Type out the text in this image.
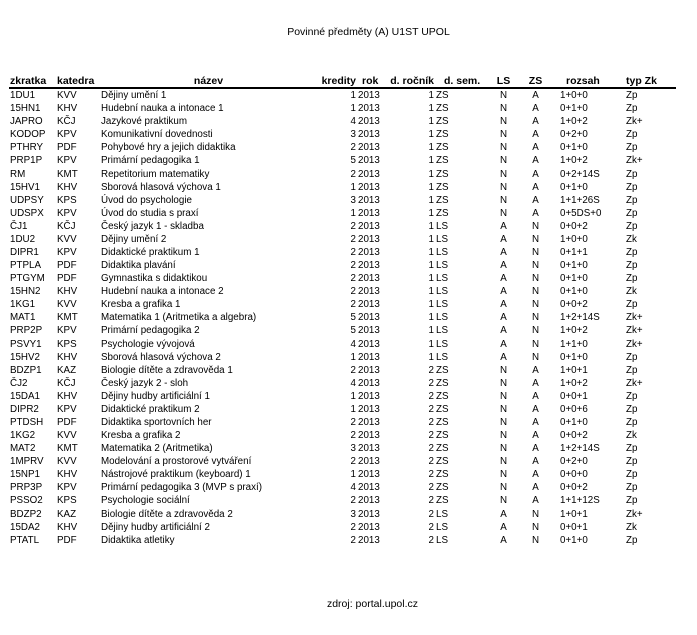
Povinné předměty (A) U1ST UPOL
zkratka	katedra	název	kredity	rok	d. ročník	d. sem.	LS	ZS	rozsah	typ Zk
1DU1	KVV	Dějiny umění 1	1	2013	1	ZS	N	A	1+0+0	Zp
15HN1	KHV	Hudební nauka a intonace 1	1	2013	1	ZS	N	A	0+1+0	Zp
JAPRO	KČJ	Jazykové praktikum	4	2013	1	ZS	N	A	1+0+2	Zk+
KODOP	KPV	Komunikativní dovednosti	3	2013	1	ZS	N	A	0+2+0	Zp
PTHRY	PDF	Pohybové hry a jejich didaktika	2	2013	1	ZS	N	A	0+1+0	Zp
PRP1P	KPV	Primární pedagogika 1	5	2013	1	ZS	N	A	1+0+2	Zk+
RM	KMT	Repetitorium matematiky	2	2013	1	ZS	N	A	0+2+14S	Zp
15HV1	KHV	Sborová hlasová výchova 1	1	2013	1	ZS	N	A	0+1+0	Zp
UDPSY	KPS	Úvod do psychologie	3	2013	1	ZS	N	A	1+1+26S	Zp
UDSPX	KPV	Úvod do studia s praxí	1	2013	1	ZS	N	A	0+5DS+0	Zp
ČJ1	KČJ	Český jazyk 1 - skladba	2	2013	1	LS	A	N	0+0+2	Zp
1DU2	KVV	Dějiny umění 2	2	2013	1	LS	A	N	1+0+0	Zk
DIPR1	KPV	Didaktické praktikum 1	2	2013	1	LS	A	N	0+1+1	Zp
PTPLA	PDF	Didaktika plavání	2	2013	1	LS	A	N	0+1+0	Zp
PTGYM	PDF	Gymnastika s didaktikou	2	2013	1	LS	A	N	0+1+0	Zp
15HN2	KHV	Hudební nauka a intonace 2	2	2013	1	LS	A	N	0+1+0	Zk
1KG1	KVV	Kresba a grafika 1	2	2013	1	LS	A	N	0+0+2	Zp
MAT1	KMT	Matematika 1 (Aritmetika a algebra)	5	2013	1	LS	A	N	1+2+14S	Zk+
PRP2P	KPV	Primární pedagogika 2	5	2013	1	LS	A	N	1+0+2	Zk+
PSVY1	KPS	Psychologie vývojová	4	2013	1	LS	A	N	1+1+0	Zk+
15HV2	KHV	Sborová hlasová výchova 2	1	2013	1	LS	A	N	0+1+0	Zp
BDZP1	KAZ	Biologie dítěte a zdravověda 1	2	2013	2	ZS	N	A	1+0+1	Zp
ČJ2	KČJ	Český jazyk 2 - sloh	4	2013	2	ZS	N	A	1+0+2	Zk+
15DA1	KHV	Dějiny hudby artificiální 1	1	2013	2	ZS	N	A	0+0+1	Zp
DIPR2	KPV	Didaktické praktikum 2	1	2013	2	ZS	N	A	0+0+6	Zp
PTDSH	PDF	Didaktika sportovních her	2	2013	2	ZS	N	A	0+1+0	Zp
1KG2	KVV	Kresba a grafika 2	2	2013	2	ZS	N	A	0+0+2	Zk
MAT2	KMT	Matematika 2 (Aritmetika)	3	2013	2	ZS	N	A	1+2+14S	Zp
1MPRV	KVV	Modelování a prostorové vytváření	2	2013	2	ZS	N	A	0+2+0	Zp
15NP1	KHV	Nástrojové praktikum (keyboard) 1	1	2013	2	ZS	N	A	0+0+0	Zp
PRP3P	KPV	Primární pedagogika 3 (MVP s praxí)	4	2013	2	ZS	N	A	0+0+2	Zp
PSSO2	KPS	Psychologie sociální	2	2013	2	ZS	N	A	1+1+12S	Zp
BDZP2	KAZ	Biologie dítěte a zdravověda 2	3	2013	2	LS	A	N	1+0+1	Zk+
15DA2	KHV	Dějiny hudby artificiální 2	2	2013	2	LS	A	N	0+0+1	Zk
PTATL	PDF	Didaktika atletiky	2	2013	2	LS	A	N	0+1+0	Zp
zdroj: portal.upol.cz
